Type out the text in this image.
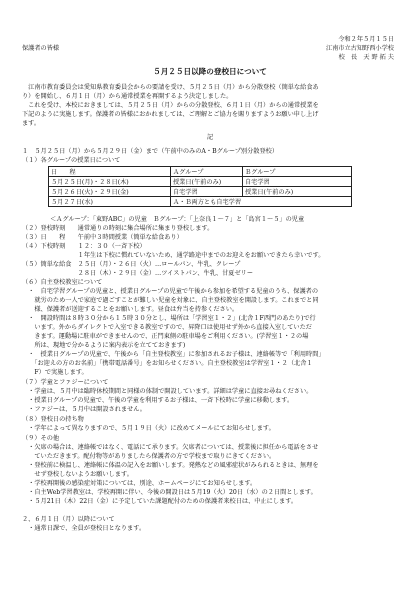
令和２年５月１５日
保護者の皆様	江南市立古知野西小学校
校　長　天 野 拓 夫
５月２５日以降の登校日について
　江南市教育委員会は愛知県教育委員会からの要請を受け、５月２５日（月）から分散登校（簡単な給食あ
り）を開始し、６月１日（月）から通常授業を再開するよう決定しました。
　これを受け、本校におきましては、５月２５日（月）からの分散登校、６月１日（月）からの通常授業を
下記のように実施します。保護者の皆様におかれましては、ご理解とご協力を賜りますようお願い申し上げ
ます。
記
１　５月２５日（月）から５月２９日（金）まで（午前中のみのA・Bグループ別分散登校）
（１）各グループの授業日について
日　　程	Ａグループ	Ｂグループ
５月２５日(月)・２８日(木)	授業日(午前のみ)	自宅学習
５月２６日(火)・２９日(金)	自宅学習	授業日(午前のみ)
５月２７日(水)	Ａ・Ｂ両方とも自宅学習	
＜Ａグループ：「東野ABC」の児童　Ｂグループ：「上奈良１〜７」と「島宮１〜５」の児童
（２）登校時刻　　通常通りの時刻に集合場所に集まり登校します。
（３）日　　程　　午前中３時間授業（簡単な給食あり）
（４）下校時刻　　１２：３０（一斉下校）
　　　　　　　　　１年生は下校に慣れていないため、通学路途中までのお迎えをお願いできたら幸いです。
（５）簡単な給食　２５日（月）・２６日（火）…ロールパン、牛乳、クレープ
　　　　　　　　　２８日（木）・２９日（金）…ツイストパン、牛乳、甘夏ゼリー
（６）自主登校教室について
　・　自宅学習グループの児童と、授業日グループの児童で午後から参加を希望する児童のうち、保護者の
　　就労のため一人で家庭で過ごすことが難しい児童を対象に、自主登校教室を開設します。これまでと同
　　様、保護者が送迎することをお願いします。昼食は弁当を持参ください。
　・　開設時間は８時３０分から１５時３０分とし、場所は「学習室１・２」(北舎１F西門のあたり)で行
　　います。外からダイレクトで入室できる教室ですので、昇降口は使用せず外から直接入室していただ
　　きます。運動場に駐車ができませんので、正門東側の駐車場をご利用ください。(学習室１・２の場
　　所は、現地で分かるように案内表示を立てておきます)
　・　授業日グループの児童で、午後から「自主登校教室」に参加されるお子様は、連絡帳等で「利用時間」
　　「お迎えの方のお名前」「携帯電話番号」をお知らせください。自主登校教室は学習室１・２（北舎１
　　F）で実施します。
（７）学童とファジーについて
　・学童は、５月中は臨時休校期間と同様の体制で開設しています。詳細は学童に直接お尋ねください。
　・授業日グループの児童で、午後の学童を利用するお子様は、一斉下校時に学童に移動します。
　・ファジーは、５月中は開設されません。
（８）登校日の持ち物
　・学年によって異なりますので、５月１９日（火）に改めてメールにてお知らせします。
（９）その他
　・欠席の場合は、連絡帳ではなく、電話にて承ります。欠席者については、授業後に担任から電話をさせ
　　ていただきます。配付物等がありましたら保護者の方で学校まで取りにきてください。
　・登校前に検温し、連絡帳に体温の記入をお願いします。発熱などの風邪症状がみられるときは、無理を
　　せず登校しないようお願いします。
　・学校再開後の感染症対策については、別途、ホームページにてお知らせします。
　・自主Web学習教室は、学校再開に伴い、今後の開設日は５月19（火）20日（水）の２日間とします。
　・５月21日（木）22日（金）に予定していた課題配付のための保護者来校日は、中止にします。
２、６月１日（月）以降について
　・通常日課で、全員が登校日となります。
